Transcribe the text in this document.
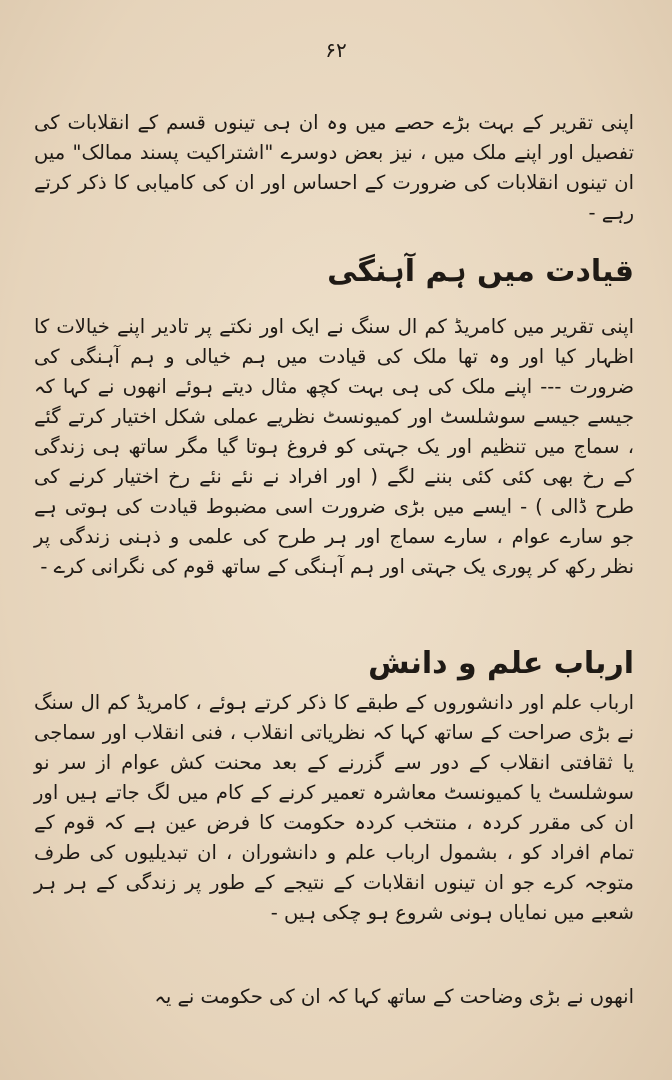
۶۲

اپنی تقریر کے بہت بڑے حصے میں وہ ان ہی تینوں قسم کے انقلابات کی تفصیل اور اپنے ملک میں ، نیز بعض دوسرے "اشتراکیت پسند ممالک" میں ان تینوں انقلابات کی ضرورت کے احساس اور ان کی کامیابی کا ذکر کرتے رہے -

قیادت میں ہم آہنگی

اپنی تقریر میں کامریڈ کم ال سنگ نے ایک اور نکتے پر تادیر اپنے خیالات کا اظہار کیا اور وہ تھا ملک کی قیادت میں ہم خیالی و ہم آہنگی کی ضرورت --- اپنے ملک کی ہی بہت کچھ مثال دیتے ہوئے انھوں نے کہا کہ جیسے جیسے سوشلسٹ اور کمیونسٹ نظریے عملی شکل اختیار کرتے گئے ، سماج میں تنظیم اور یک جہتی کو فروغ ہوتا گیا مگر ساتھ ہی زندگی کے رخ بھی کئی کئی بننے لگے ( اور افراد نے نئے نئے رخ اختیار کرنے کی طرح ڈالی ) - ایسے میں بڑی ضرورت اسی مضبوط قیادت کی ہوتی ہے جو سارے عوام ، سارے سماج اور ہر طرح کی علمی و ذہنی زندگی پر نظر رکھ کر پوری یک جہتی اور ہم آہنگی کے ساتھ قوم کی نگرانی کرے -

ارباب علم و دانش

ارباب علم اور دانشوروں کے طبقے کا ذکر کرتے ہوئے ، کامریڈ کم ال سنگ نے بڑی صراحت کے ساتھ کہا کہ نظریاتی انقلاب ، فنی انقلاب اور سماجی یا ثقافتی انقلاب کے دور سے گزرنے کے بعد محنت کش عوام از سر نو سوشلسٹ یا کمیونسٹ معاشرہ تعمیر کرنے کے کام میں لگ جاتے ہیں اور ان کی مقرر کردہ ، منتخب کردہ حکومت کا فرض عین ہے کہ قوم کے تمام افراد کو ، بشمول ارباب علم و دانشوران ، ان تبدیلیوں کی طرف متوجہ کرے جو ان تینوں انقلابات کے نتیجے کے طور پر زندگی کے ہر ہر شعبے میں نمایاں ہونی شروع ہو چکی ہیں -

انھوں نے بڑی وضاحت کے ساتھ کہا کہ ان کی حکومت نے یہ
